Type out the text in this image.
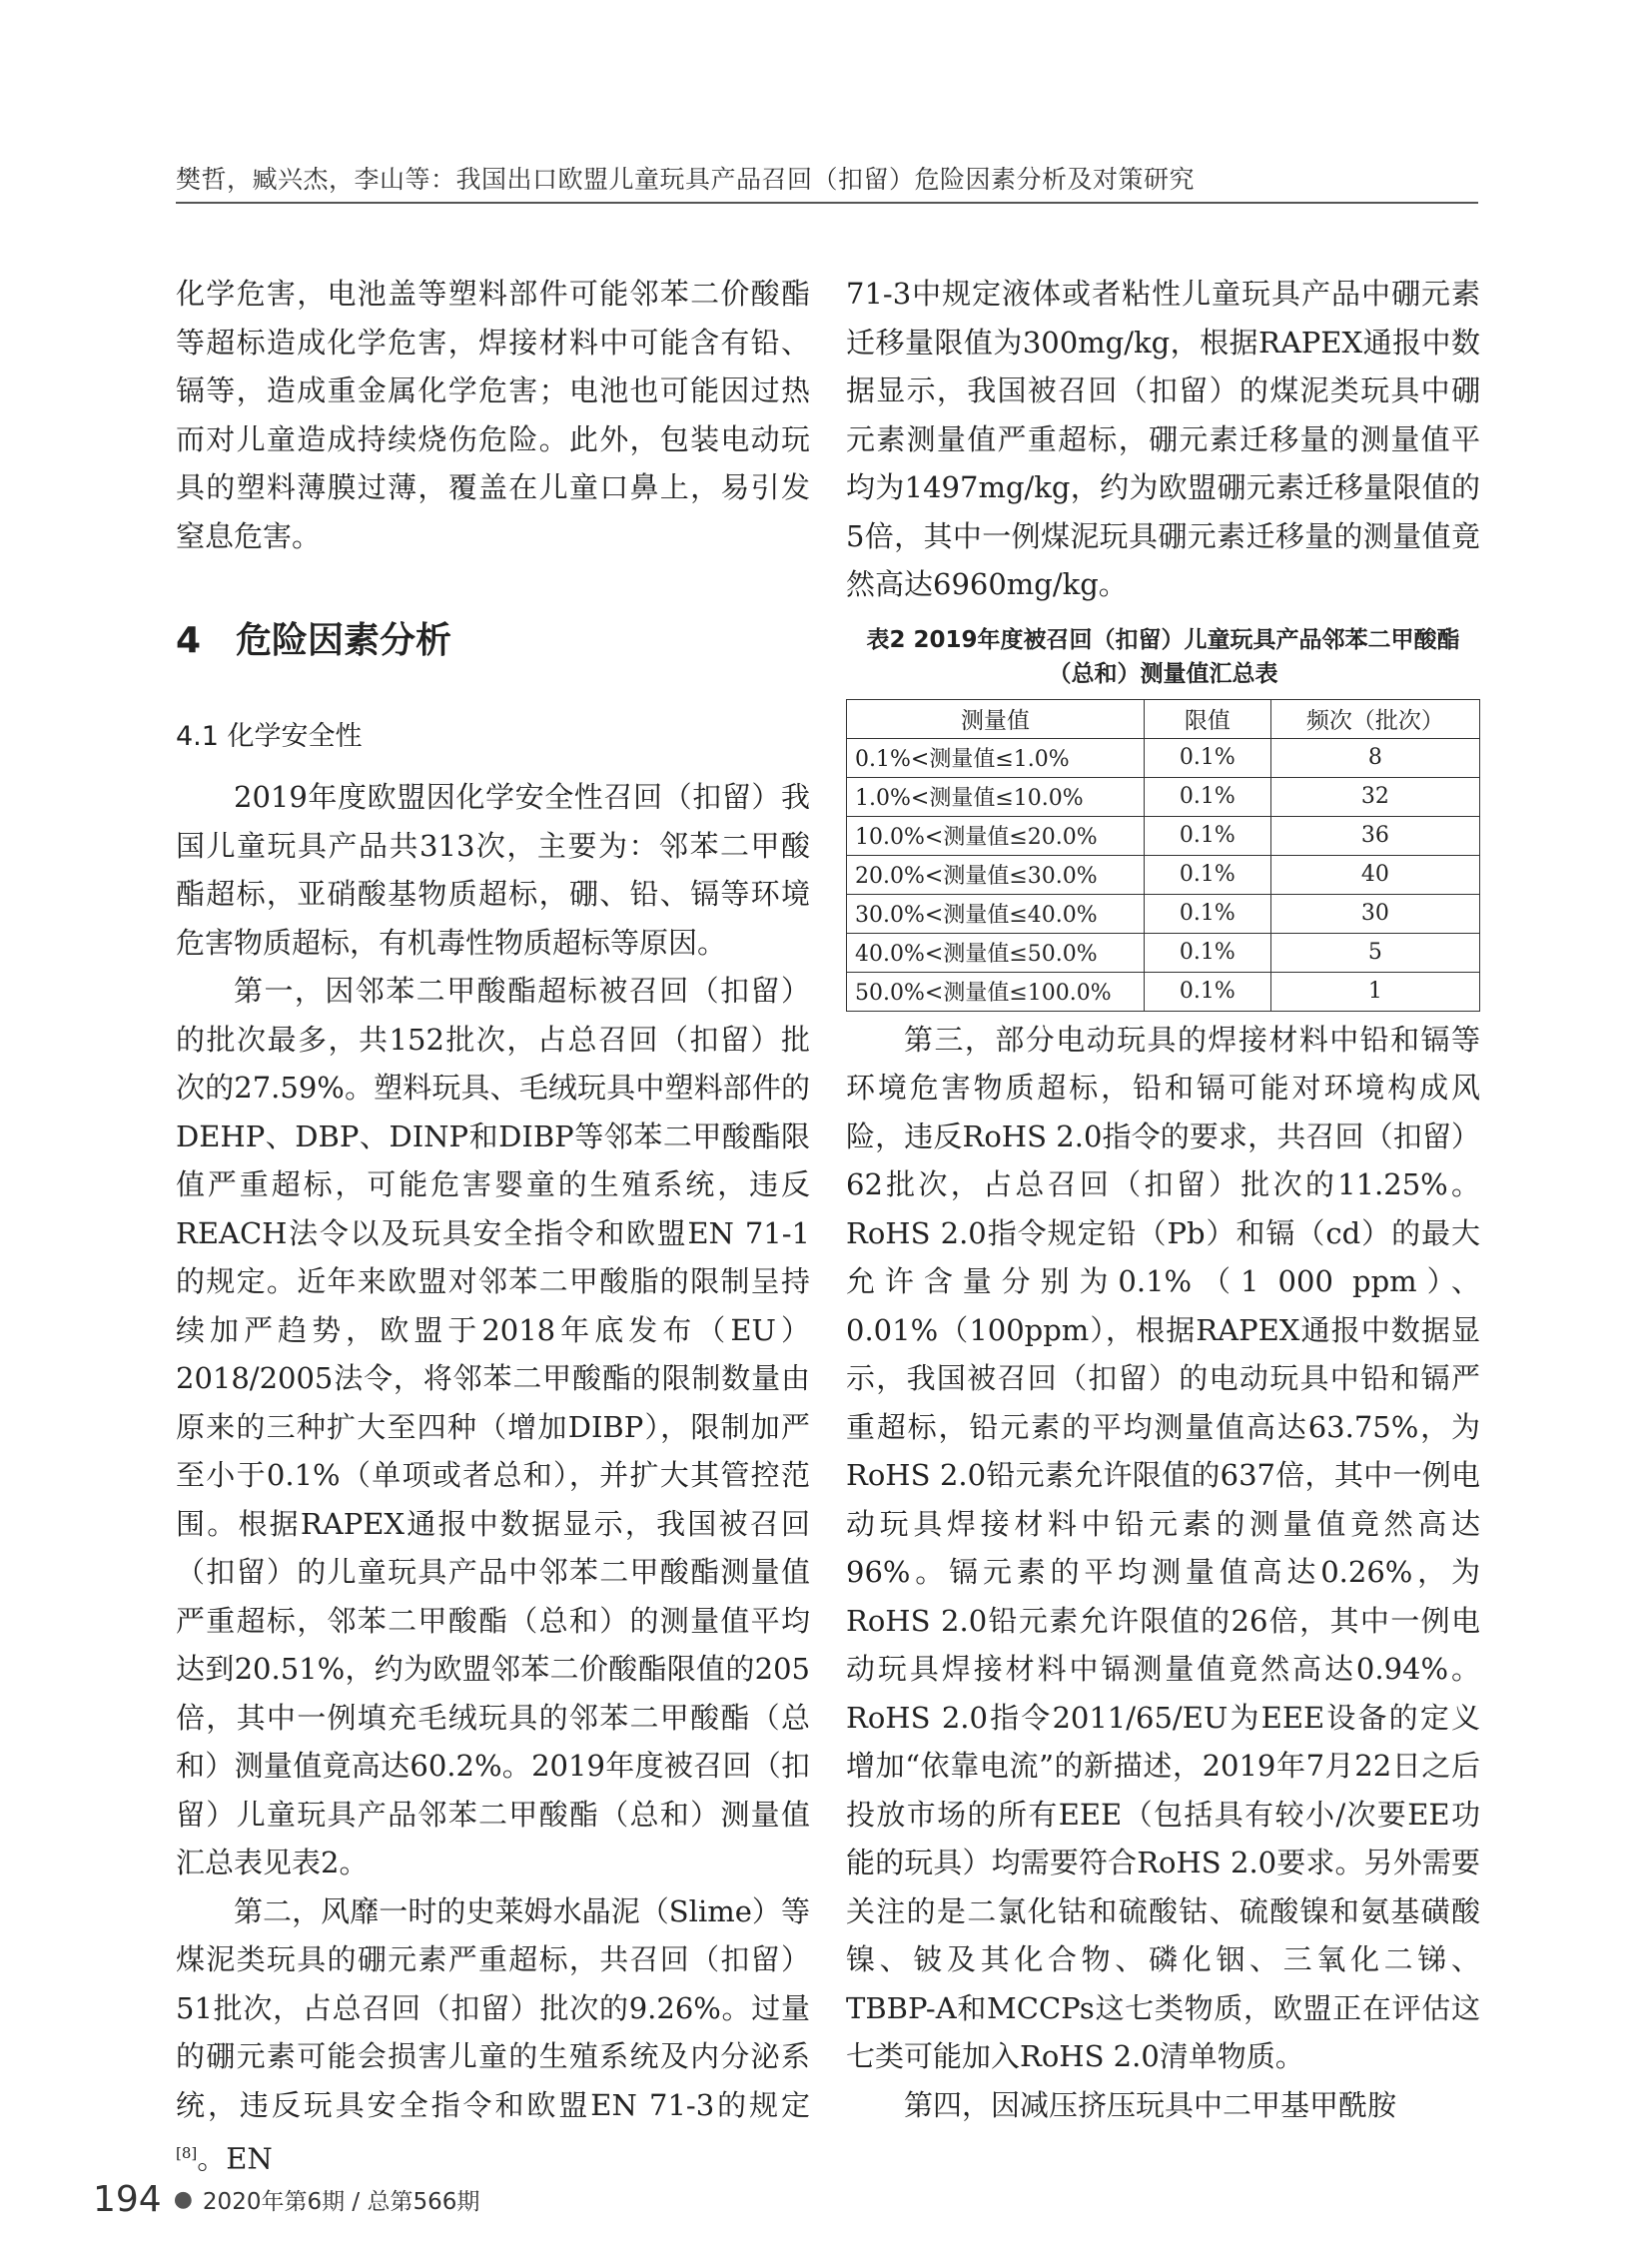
樊哲，臧兴杰，李山等：我国出口欧盟儿童玩具产品召回（扣留）危险因素分析及对策研究

化学危害，电池盖等塑料部件可能邻苯二价酸酯等超标造成化学危害，焊接材料中可能含有铅、镉等，造成重金属化学危害；电池也可能因过热而对儿童造成持续烧伤危险。此外，包装电动玩具的塑料薄膜过薄，覆盖在儿童口鼻上，易引发窒息危害。

4 危险因素分析
4.1 化学安全性

2019年度欧盟因化学安全性召回（扣留）我国儿童玩具产品共313次，主要为：邻苯二甲酸酯超标，亚硝酸基物质超标，硼、铅、镉等环境危害物质超标，有机毒性物质超标等原因。

第一，因邻苯二甲酸酯超标被召回（扣留）的批次最多，共152批次，占总召回（扣留）批次的27.59%。塑料玩具、毛绒玩具中塑料部件的DEHP、DBP、DINP和DIBP等邻苯二甲酸酯限值严重超标，可能危害婴童的生殖系统，违反REACH法令以及玩具安全指令和欧盟EN 71-1的规定。近年来欧盟对邻苯二甲酸脂的限制呈持续加严趋势，欧盟于2018年底发布（EU）2018/2005法令，将邻苯二甲酸酯的限制数量由原来的三种扩大至四种（增加DIBP），限制加严至小于0.1%（单项或者总和），并扩大其管控范围。根据RAPEX通报中数据显示，我国被召回（扣留）的儿童玩具产品中邻苯二甲酸酯测量值严重超标，邻苯二甲酸酯（总和）的测量值平均达到20.51%，约为欧盟邻苯二价酸酯限值的205倍，其中一例填充毛绒玩具的邻苯二甲酸酯（总和）测量值竟高达60.2%。2019年度被召回（扣留）儿童玩具产品邻苯二甲酸酯（总和）测量值汇总表见表2。

第二，风靡一时的史莱姆水晶泥（Slime）等煤泥类玩具的硼元素严重超标，共召回（扣留）51批次，占总召回（扣留）批次的9.26%。过量的硼元素可能会损害儿童的生殖系统及内分泌系统，违反玩具安全指令和欧盟EN 71-3的规定[8]。EN

71-3中规定液体或者粘性儿童玩具产品中硼元素迁移量限值为300mg/kg，根据RAPEX通报中数据显示，我国被召回（扣留）的煤泥类玩具中硼元素测量值严重超标，硼元素迁移量的测量值平均为1497mg/kg，约为欧盟硼元素迁移量限值的5倍，其中一例煤泥玩具硼元素迁移量的测量值竟然高达6960mg/kg。

表2 2019年度被召回（扣留）儿童玩具产品邻苯二甲酸酯
（总和）测量值汇总表
测量值	限值	频次（批次）
0.1%<测量值≤1.0%	0.1%	8
1.0%<测量值≤10.0%	0.1%	32
10.0%<测量值≤20.0%	0.1%	36
20.0%<测量值≤30.0%	0.1%	40
30.0%<测量值≤40.0%	0.1%	30
40.0%<测量值≤50.0%	0.1%	5
50.0%<测量值≤100.0%	0.1%	1

第三，部分电动玩具的焊接材料中铅和镉等环境危害物质超标，铅和镉可能对环境构成风险，违反RoHS 2.0指令的要求，共召回（扣留）62批次，占总召回（扣留）批次的11.25%。RoHS 2.0指令规定铅（Pb）和镉（cd）的最大允许含量分别为0.1%（1 000 ppm）、0.01%（100ppm），根据RAPEX通报中数据显示，我国被召回（扣留）的电动玩具中铅和镉严重超标，铅元素的平均测量值高达63.75%，为RoHS 2.0铅元素允许限值的637倍，其中一例电动玩具焊接材料中铅元素的测量值竟然高达96%。镉元素的平均测量值高达0.26%，为RoHS 2.0铅元素允许限值的26倍，其中一例电动玩具焊接材料中镉测量值竟然高达0.94%。RoHS 2.0指令2011/65/EU为EEE设备的定义增加“依靠电流”的新描述，2019年7月22日之后投放市场的所有EEE（包括具有较小/次要EE功能的玩具）均需要符合RoHS 2.0要求。另外需要关注的是二氯化钴和硫酸钴、硫酸镍和氨基磺酸镍、铍及其化合物、磷化铟、三氧化二锑、TBBP-A和MCCPs这七类物质，欧盟正在评估这七类可能加入RoHS 2.0清单物质。

第四，因减压挤压玩具中二甲基甲酰胺

194 ● 2020年第6期 / 总第566期
